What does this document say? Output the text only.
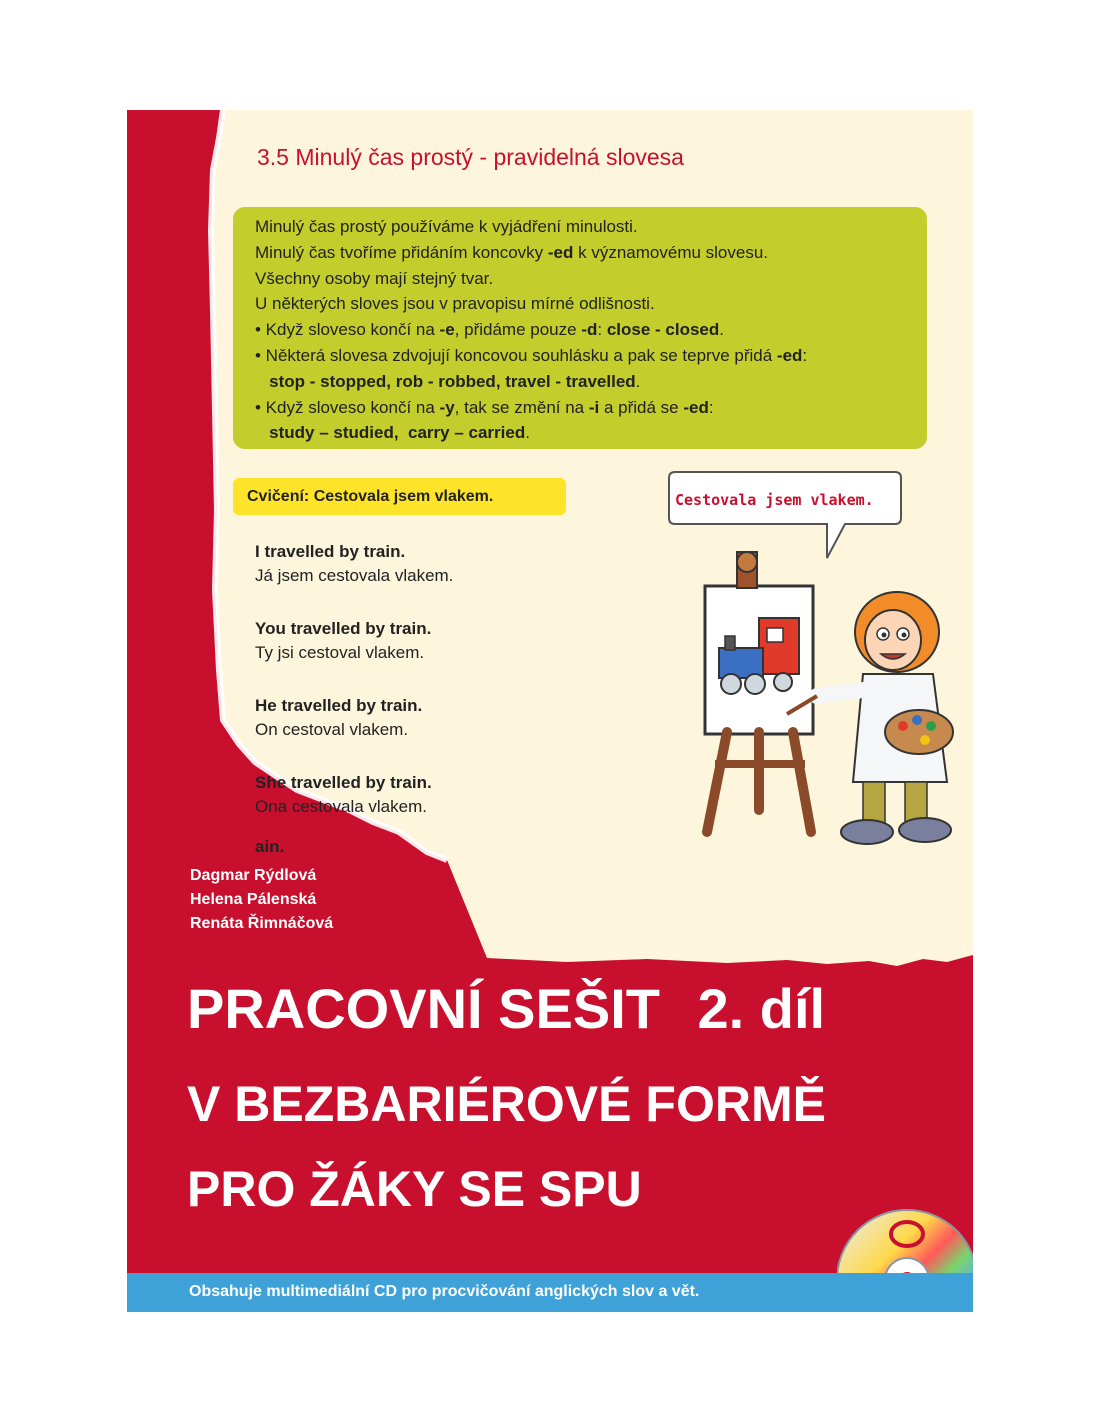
3.5 Minulý čas prostý - pravidelná slovesa
Minulý čas prostý používáme k vyjádření minulosti.
Minulý čas tvoříme přidáním koncovky -ed k významovému slovesu.
Všechny osoby mají stejný tvar.
U některých sloves jsou v pravopisu mírné odlišnosti.
• Když sloveso končí na -e, přidáme pouze -d: close - closed.
• Některá slovesa zdvojují koncovou souhlásku a pak se teprve přidá -ed:
stop - stopped, rob - robbed, travel - travelled.
• Když sloveso končí na -y, tak se změní na -i a přidá se -ed:
study – studied,  carry – carried.
Cvičení: Cestovala jsem vlakem.
I travelled by train.
Já jsem cestovala vlakem.
You travelled by train.
Ty jsi cestoval vlakem.
He travelled by train.
On cestoval vlakem.
She travelled by train.
Ona cestovala vlakem.
ain.
Cestovala jsem vlakem.
Dagmar Rýdlová
Helena Pálenská
Renáta Řimnáčová
PRACOVNÍ SEŠIT 2. díl
V BEZBARIÉROVÉ FORMĚ
PRO ŽÁKY SE SPU
Obsahuje multimediální CD pro procvičování anglických slov a vět.
